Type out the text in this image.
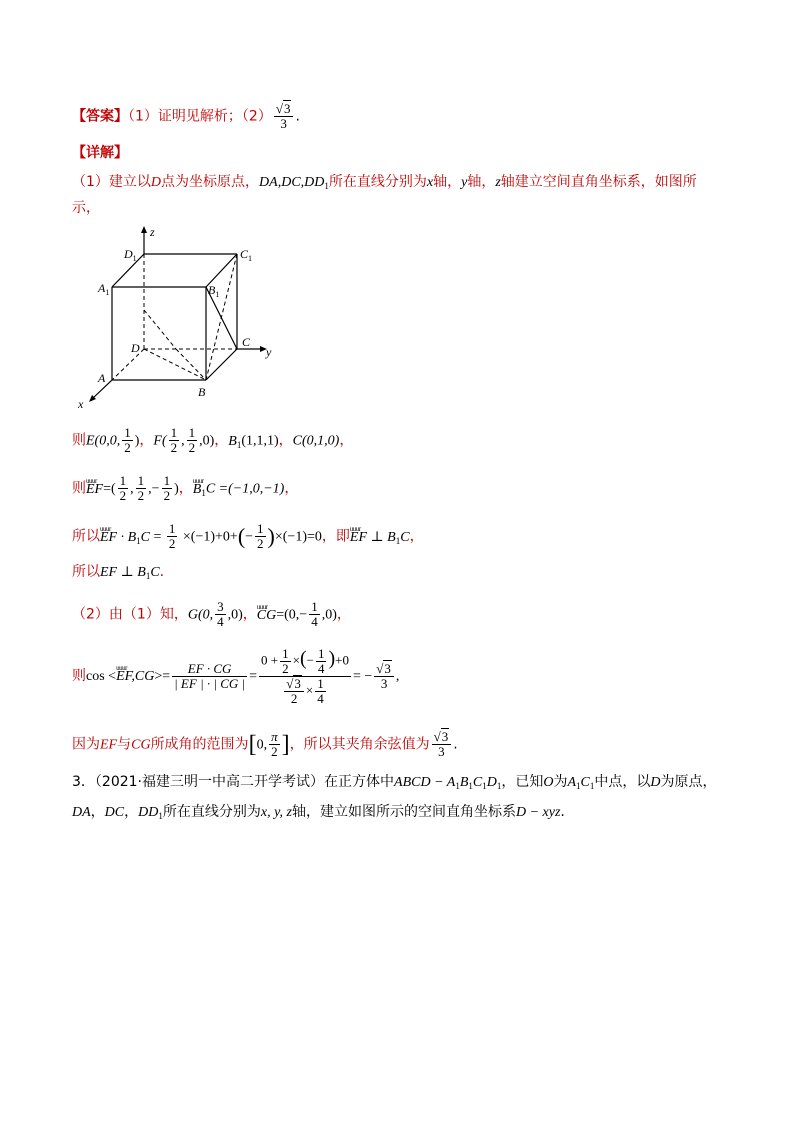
【答案】（1）证明见解析；$(2) \frac{√3}{3}$ .
【详解】
（1）建立以D点为坐标原点，$DA,DC,DD_1$所在直线分别为x轴，y轴，z轴建立空间直角坐标系，如图所
示，
$D_1$
z
$C_1$
$A_1$	$B_1$
D	C
y
A
B
x
则E(0,0, $\frac{1}{2}$ )，$F( \frac{1}{2}$ , $\frac{1}{2} ,0$)，$B_1(1,1,1)$，C(0,1,0)，
则uuur $EF=( \frac{1}{2}$ , $\frac{1}{2}$ ,− $\frac{1}{2}$ )，uuur $B_1C =(-1,0,-1)$，
所以uuur EF · $B_1C = \frac{1}{2} \times(-1)+0+(- \frac{1}{2} )\times(-1)=0$，即uuur EF ⊥ $B_1C$，
所以EF ⊥ $B_1C$.
（2）由（1）知，G(0, $\frac{3}{4} ,0$)，uuur $CG=(0,- \frac{1}{4} ,0)$，
则cos <uuur $EF,CG>= \frac{EF \cdot CG}{| EF | \cdot | CG |} = \frac{0 + \frac{1}{2} \times(- \frac{1}{4} )+0}{\frac{√3}{2} \times \frac{1}{4}}$ = − $\frac{√3}{3}$ ,
因为EF与CG所成角的范围为[0, $\frac{\pi}{2}$ ]，所以其夹角余弦值为 $\frac{√3}{3}$ .
3．（2021·福建三明一中高二开学考试）在正方体中ABCD − $A_1B_1C_1D_1$，已知O为$A_1C_1$中点，以D为原点，
DA，DC，$DD_1$所在直线分别为x, y, z轴，建立如图所示的空间直角坐标系D − xyz.
